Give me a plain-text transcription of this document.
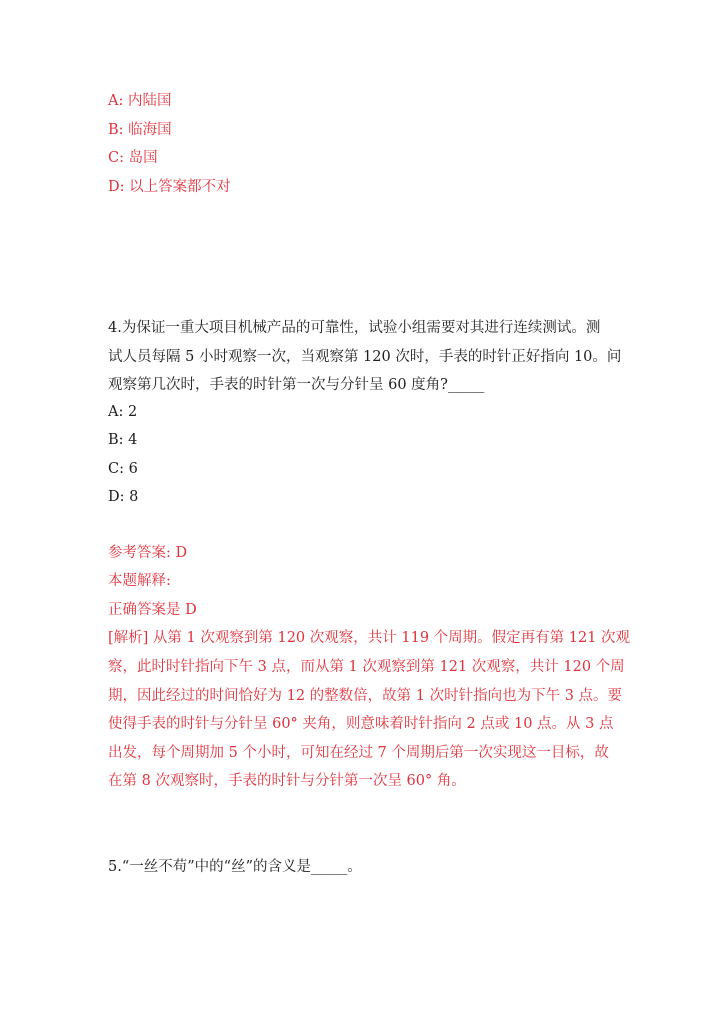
A: 内陆国
B: 临海国
C: 岛国
D: 以上答案都不对
4.为保证一重大项目机械产品的可靠性，试验小组需要对其进行连续测试。测
试人员每隔 5 小时观察一次，当观察第 120 次时，手表的时针正好指向 10。问
观察第几次时，手表的时针第一次与分针呈 60 度角?_____
A: 2
B: 4
C: 6
D: 8
参考答案: D
本题解释:
正确答案是 D
[解析] 从第 1 次观察到第 120 次观察，共计 119 个周期。假定再有第 121 次观
察，此时时针指向下午 3 点，而从第 1 次观察到第 121 次观察，共计 120 个周
期，因此经过的时间恰好为 12 的整数倍，故第 1 次时针指向也为下午 3 点。要
使得手表的时针与分针呈 60° 夹角，则意味着时针指向 2 点或 10 点。从 3 点
出发，每个周期加 5 个小时，可知在经过 7 个周期后第一次实现这一目标，故
在第 8 次观察时，手表的时针与分针第一次呈 60° 角。
5.“一丝不苟”中的“丝”的含义是_____。
